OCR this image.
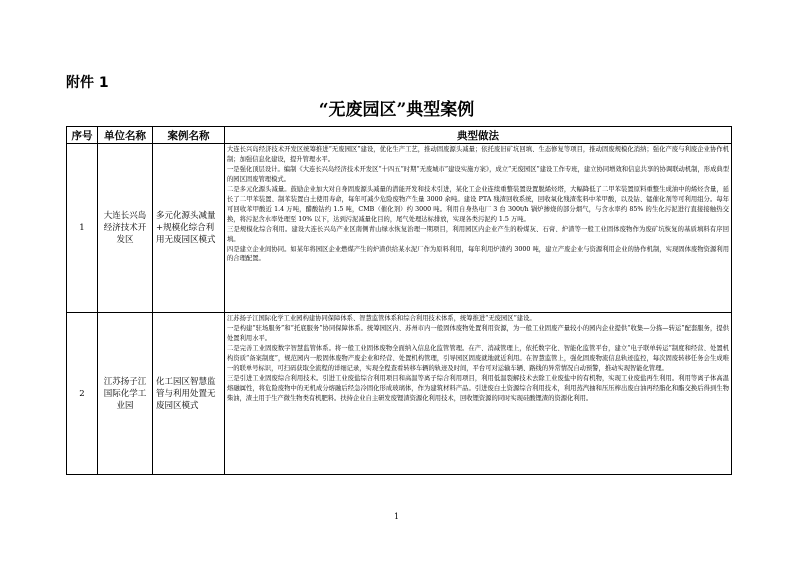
附件 1
“无废园区”典型案例
序号	单位名称	案例名称	典型做法
1	大连长兴岛经济技术开发区	多元化源头减量+规模化综合利用无废园区模式	大连长兴岛经济技术开发区统筹推进“无废园区”建设，优化生产工艺，推动固废源头减量；依托废旧矿坑回填、生态修复等项目，推动固废规模化消纳；强化产废与利废企业协作机制；加强信息化建设，提升管理水平。
一是强化顶层设计。编制《大连长兴岛经济技术开发区“十四五”时期“无废城市”建设实施方案》，成立“无废园区”建设工作专班，建立协同增效和信息共享的协调联动机制，形成典型的园区固废管理模式。
二是多元化源头减量。鼓励企业加大对自身固废源头减量的潜能开发和技术引进，某化工企业连续重整装置设置脱烯烃塔，大幅降低了二甲苯装置原料重整生成油中的烯烃含量，延长了二甲苯装置、制苯装置白土使用寿命，每年可减少危险废物产生量 3000 余吨。建设 PTA 残渣回收系统，回收氧化残渣浆料中苯甲酸，以及钴、锰催化剂等可利用组分。每年可回收苯甲酸近 1.4 万吨，醋酸钴约 1.5 吨，CMB（催化剂）约 3000 吨。利用自身热电厂 3 台 300t/h 锅炉掺烧的部分烟气，与含水率约 85% 的生化污泥进行直接接触热交换，将污泥含水率处理至 10% 以下，达到污泥减量化目的，尾气处理达标排放，实现各类污泥约 1.5 万吨。
三是规模化综合利用。建设大连长兴岛产业区南侧青山绿水恢复治理一期项目，利用园区内企业产生的粉煤灰、石膏、炉渣等一般工业固体废物作为废矿坑恢复的基质填料有序回填。
四是建立企业间协同。如某年将园区企业燃煤产生的炉渣供给某水泥厂作为原料利用，每年利用炉渣约 3000 吨，建立产废企业与资源利用企业的协作机制，实现固体废物资源利用的合理配置。

2	江苏扬子江国际化学工业园	化工园区智慧监管与利用处置无废园区模式	江苏扬子江国际化学工业园构建协同保障体系、智慧监管体系和综合利用技术体系，统筹推进“无废园区”建设。
一是构建“驻场服务”和“托底服务”协同保障体系。统筹园区内、苏州市内一般固体废物处置利用资源，为一般工业固废产量较小的园内企业提供“收集—分拣—转运”配套服务，提供处置利用水平。
二是完善工业固废数字智慧监管体系。将一般工业固体废物全面纳入信息化监管管理。在产、消减管理上，依托数字化、智能化监管平台，建立“电子联单转运”制度和经营、处置机构资质“备案制度”，规范园内一般固体废物产废企业和经营、处置机构管理，引导园区固废就地就近利用。在智慧监管上，强化固废物流信息轨迹监控，每次固废转移任务会生成唯一的联单号标识，可扫码获取全流程的详细记录，实现全程查看转移车辆的轨迹及时间，平台可对运输车辆、路线的异常情况自动预警，推动实现智能化管理。
三是引进工业固废综合利用技术。引进工业废盐综合利用项目和高温等离子综合利用项目，利用低温裂解技术去除工业废盐中的有机物，实现工业废盐再生利用。利用等离子体高温熔融属性，将危险废物中的无机成分熔融后经急冷固化形成玻璃体，作为建筑材料产品。引进废白土资源综合利用技术，利用蒸汽抽和压压榨出废白油再经脂化和酯交换后得到生物柴油，渣土用于生产微生物类有机肥料。扶持企业自主研发废锂渣资源化利用技术，回收锂资源的同时实现硅酸锂渣的资源化利用。
1
